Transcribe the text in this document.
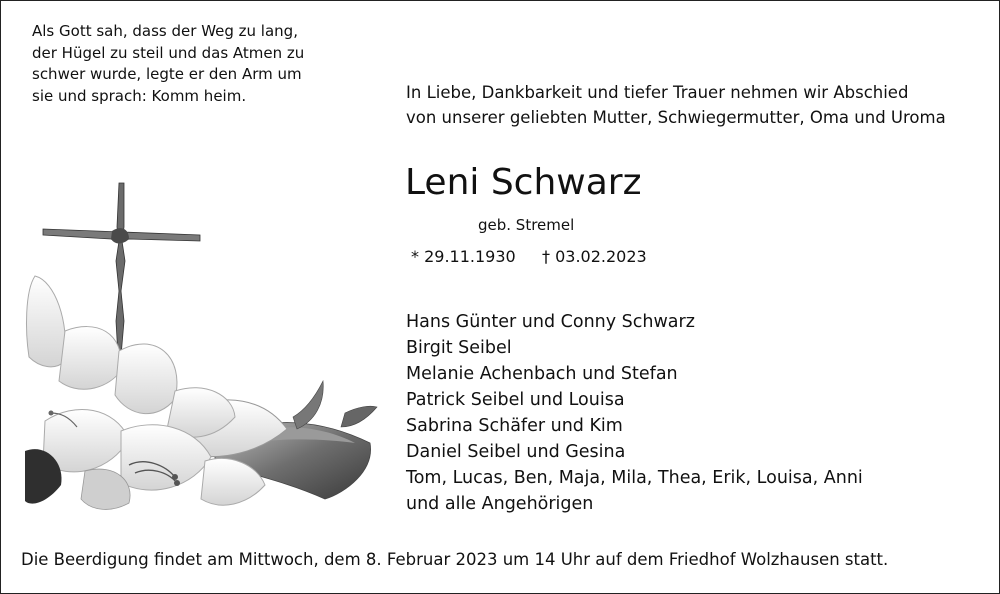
Als Gott sah, dass der Weg zu lang,
der Hügel zu steil und das Atmen zu
schwer wurde, legte er den Arm um
sie und sprach: Komm heim.	In Liebe, Dankbarkeit und tiefer Trauer nehmen wir Abschied
von unserer geliebten Mutter, Schwiegermutter, Oma und Uroma
Leni Schwarz
geb. Stremel
* 29.11.1930 † 03.02.2023
Hans Günter und Conny Schwarz
Birgit Seibel
Melanie Achenbach und Stefan
Patrick Seibel und Louisa
Sabrina Schäfer und Kim
Daniel Seibel und Gesina
Tom, Lucas, Ben, Maja, Mila, Thea, Erik, Louisa, Anni
und alle Angehörigen
Die Beerdigung findet am Mittwoch, dem 8. Februar 2023 um 14 Uhr auf dem Friedhof Wolzhausen statt.
